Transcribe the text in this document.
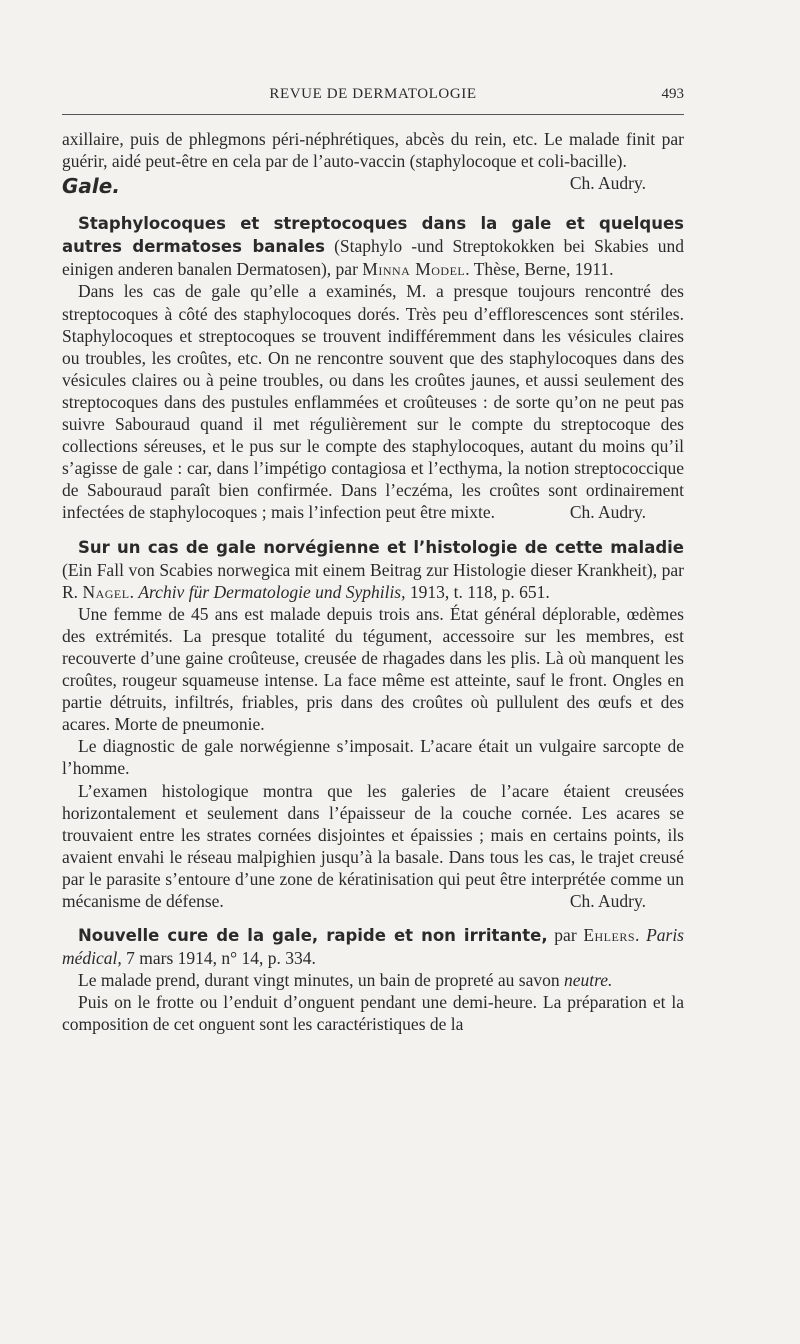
REVUE DE DERMATOLOGIE	493

axillaire, puis de phlegmons péri-néphrétiques, abcès du rein, etc. Le malade finit par guérir, aidé peut-être en cela par de l’auto-vaccin (staphylocoque et coli-bacille).
Ch. Audry.

Gale.

Staphylocoques et streptocoques dans la gale et quelques autres dermatoses banales (Staphylo -und Streptokokken bei Skabies und einigen anderen banalen Dermatosen), par Minna Model. Thèse, Berne, 1911.

Dans les cas de gale qu’elle a examinés, M. a presque toujours rencontré des streptocoques à côté des staphylocoques dorés. Très peu d’efflorescences sont stériles. Staphylocoques et streptocoques se trouvent indifféremment dans les vésicules claires ou troubles, les croûtes, etc. On ne rencontre souvent que des staphylocoques dans des vésicules claires ou à peine troubles, ou dans les croûtes jaunes, et aussi seulement des streptocoques dans des pustules enflammées et croûteuses : de sorte qu’on ne peut pas suivre Sabouraud quand il met régulièrement sur le compte du streptocoque des collections séreuses, et le pus sur le compte des staphylocoques, autant du moins qu’il s’agisse de gale : car, dans l’impétigo contagiosa et l’ecthyma, la notion streptococcique de Sabouraud paraît bien confirmée. Dans l’eczéma, les croûtes sont ordinairement infectées de staphylocoques ; mais l’infection peut être mixte.	Ch. Audry.

Sur un cas de gale norvégienne et l’histologie de cette maladie (Ein Fall von Scabies norwegica mit einem Beitrag zur Histologie dieser Krankheit), par R. Nagel. Archiv für Dermatologie und Syphilis, 1913, t. 118, p. 651.

Une femme de 45 ans est malade depuis trois ans. État général déplorable, œdèmes des extrémités. La presque totalité du tégument, accessoire sur les membres, est recouverte d’une gaine croûteuse, creusée de rhagades dans les plis. Là où manquent les croûtes, rougeur squameuse intense. La face même est atteinte, sauf le front. Ongles en partie détruits, infiltrés, friables, pris dans des croûtes où pullulent des œufs et des acares. Morte de pneumonie.

Le diagnostic de gale norwégienne s’imposait. L’acare était un vulgaire sarcopte de l’homme.

L’examen histologique montra que les galeries de l’acare étaient creusées horizontalement et seulement dans l’épaisseur de la couche cornée. Les acares se trouvaient entre les strates cornées disjointes et épaissies ; mais en certains points, ils avaient envahi le réseau malpighien jusqu’à la basale. Dans tous les cas, le trajet creusé par le parasite s’entoure d’une zone de kératinisation qui peut être interprétée comme un mécanisme de défense.	Ch. Audry.

Nouvelle cure de la gale, rapide et non irritante, par Ehlers. Paris médical, 7 mars 1914, n° 14, p. 334.

Le malade prend, durant vingt minutes, un bain de propreté au savon neutre.

Puis on le frotte ou l’enduit d’onguent pendant une demi-heure. La préparation et la composition de cet onguent sont les caractéristiques de la
